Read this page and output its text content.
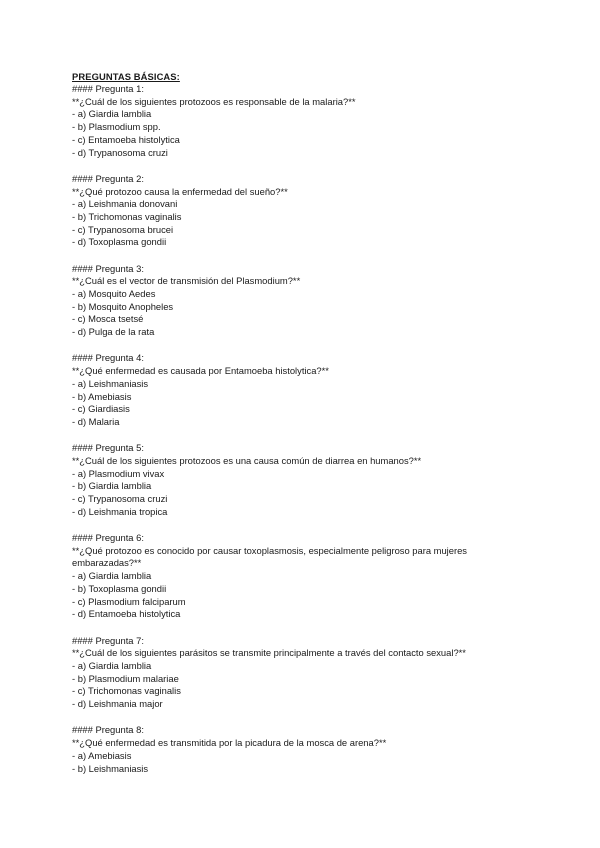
PREGUNTAS BÁSICAS:

#### Pregunta 1:

**¿Cuál de los siguientes protozoos es responsable de la malaria?**

- a) Giardia lamblia

- b) Plasmodium spp.

- c) Entamoeba histolytica

- d) Trypanosoma cruzi

#### Pregunta 2:

**¿Qué protozoo causa la enfermedad del sueño?**

- a) Leishmania donovani

- b) Trichomonas vaginalis

- c) Trypanosoma brucei

- d) Toxoplasma gondii

#### Pregunta 3:

**¿Cuál es el vector de transmisión del Plasmodium?**

- a) Mosquito Aedes

- b) Mosquito Anopheles

- c) Mosca tsetsé

- d) Pulga de la rata

#### Pregunta 4:

**¿Qué enfermedad es causada por Entamoeba histolytica?**

- a) Leishmaniasis

- b) Amebiasis

- c) Giardiasis

- d) Malaria

#### Pregunta 5:

**¿Cuál de los siguientes protozoos es una causa común de diarrea en humanos?**

- a) Plasmodium vivax

- b) Giardia lamblia

- c) Trypanosoma cruzi

- d) Leishmania tropica

#### Pregunta 6:

**¿Qué protozoo es conocido por causar toxoplasmosis, especialmente peligroso para mujeres embarazadas?**

- a) Giardia lamblia

- b) Toxoplasma gondii

- c) Plasmodium falciparum

- d) Entamoeba histolytica

#### Pregunta 7:

**¿Cuál de los siguientes parásitos se transmite principalmente a través del contacto sexual?**

- a) Giardia lamblia

- b) Plasmodium malariae

- c) Trichomonas vaginalis

- d) Leishmania major

#### Pregunta 8:

**¿Qué enfermedad es transmitida por la picadura de la mosca de arena?**

- a) Amebiasis

- b) Leishmaniasis
